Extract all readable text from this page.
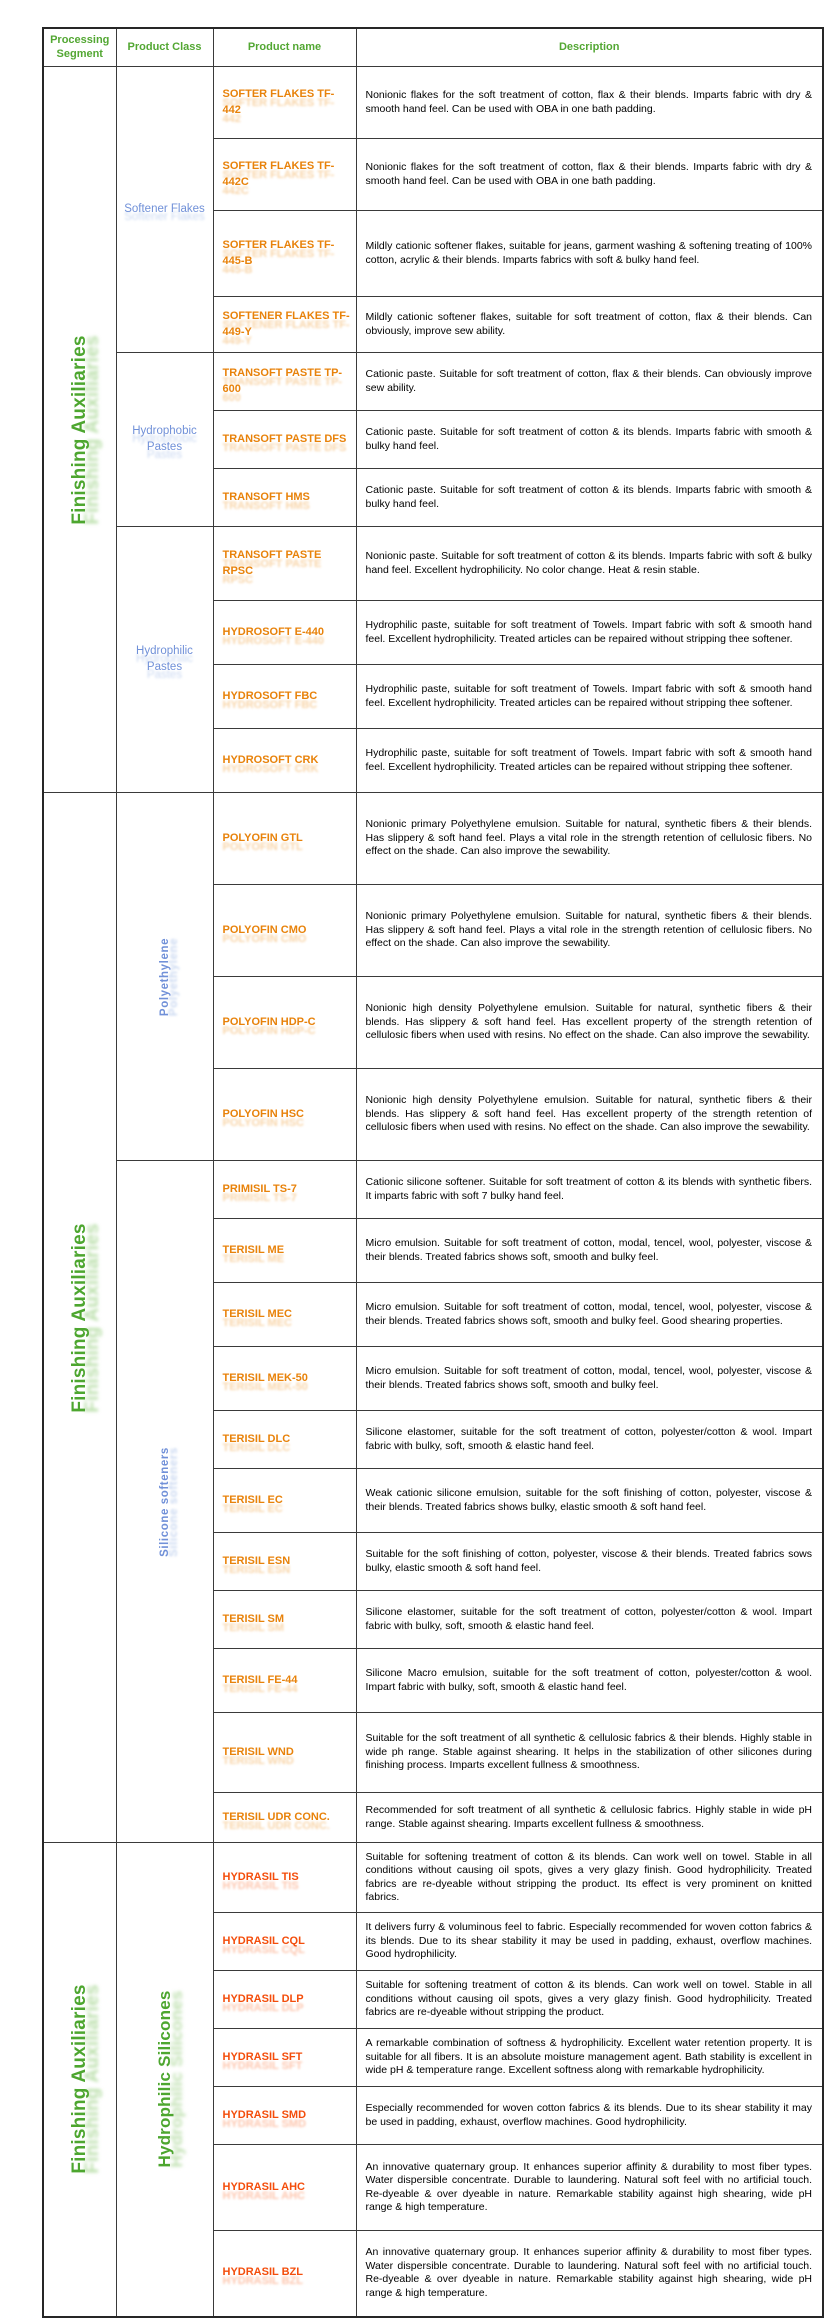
Processing Segment	Product Class	Product name	Description

Finishing Auxiliaries	Softener Flakes	SOFTER FLAKES TF-442	Nonionic flakes for the soft treatment of cotton, flax & their blends. Imparts fabric with dry & smooth hand feel. Can be used with OBA in one bath padding.

		SOFTER FLAKES TF-442C	Nonionic flakes for the soft treatment of cotton, flax & their blends. Imparts fabric with dry & smooth hand feel. Can be used with OBA in one bath padding.

		SOFTER FLAKES TF-445-B	Mildly cationic softener flakes, suitable for jeans, garment washing & softening treating of 100% cotton, acrylic & their blends. Imparts fabrics with soft & bulky hand feel.

		SOFTENER FLAKES TF-449-Y	Mildly cationic softener flakes, suitable for soft treatment of cotton, flax & their blends. Can obviously, improve sew ability.

	Hydrophobic Pastes	TRANSOFT PASTE TP-600	Cationic paste. Suitable for soft treatment of cotton, flax & their blends. Can obviously improve sew ability.

		TRANSOFT PASTE DFS	Cationic paste. Suitable for soft treatment of cotton & its blends. Imparts fabric with smooth & bulky hand feel.

		TRANSOFT HMS	Cationic paste. Suitable for soft treatment of cotton & its blends. Imparts fabric with smooth & bulky hand feel.

	Hydrophilic Pastes	TRANSOFT PASTE RPSC	Nonionic paste. Suitable for soft treatment of cotton & its blends. Imparts fabric with soft & bulky hand feel. Excellent hydrophilicity. No color change. Heat & resin stable.

		HYDROSOFT E-440	Hydrophilic paste, suitable for soft treatment of Towels. Impart fabric with soft & smooth hand feel. Excellent hydrophilicity. Treated articles can be repaired without stripping thee softener.

		HYDROSOFT FBC	Hydrophilic paste, suitable for soft treatment of Towels. Impart fabric with soft & smooth hand feel. Excellent hydrophilicity. Treated articles can be repaired without stripping thee softener.

		HYDROSOFT CRK	Hydrophilic paste, suitable for soft treatment of Towels. Impart fabric with soft & smooth hand feel. Excellent hydrophilicity. Treated articles can be repaired without stripping thee softener.

Finishing Auxiliaries	Polyethylene	POLYOFIN GTL	Nonionic primary Polyethylene emulsion. Suitable for natural, synthetic fibers & their blends. Has slippery & soft hand feel. Plays a vital role in the strength retention of cellulosic fibers. No effect on the shade. Can also improve the sewability.

		POLYOFIN CMO	Nonionic primary Polyethylene emulsion. Suitable for natural, synthetic fibers & their blends. Has slippery & soft hand feel. Plays a vital role in the strength retention of cellulosic fibers. No effect on the shade. Can also improve the sewability.

		POLYOFIN HDP-C	Nonionic high density Polyethylene emulsion. Suitable for natural, synthetic fibers & their blends. Has slippery & soft hand feel. Has excellent property of the strength retention of cellulosic fibers when used with resins. No effect on the shade. Can also improve the sewability.

		POLYOFIN HSC	Nonionic high density Polyethylene emulsion. Suitable for natural, synthetic fibers & their blends. Has slippery & soft hand feel. Has excellent property of the strength retention of cellulosic fibers when used with resins. No effect on the shade. Can also improve the sewability.

	Silicone softeners	PRIMISIL TS-7	Cationic silicone softener. Suitable for soft treatment of cotton & its blends with synthetic fibers. It imparts fabric with soft 7 bulky hand feel.

		TERISIL ME	Micro emulsion. Suitable for soft treatment of cotton, modal, tencel, wool, polyester, viscose & their blends. Treated fabrics shows soft, smooth and bulky feel.

		TERISIL MEC	Micro emulsion. Suitable for soft treatment of cotton, modal, tencel, wool, polyester, viscose & their blends. Treated fabrics shows soft, smooth and bulky feel. Good shearing properties.

		TERISIL MEK-50	Micro emulsion. Suitable for soft treatment of cotton, modal, tencel, wool, polyester, viscose & their blends. Treated fabrics shows soft, smooth and bulky feel.

		TERISIL DLC	Silicone elastomer, suitable for the soft treatment of cotton, polyester/cotton & wool. Impart fabric with bulky, soft, smooth & elastic hand feel.

		TERISIL EC	Weak cationic silicone emulsion, suitable for the soft finishing of cotton, polyester, viscose & their blends. Treated fabrics shows bulky, elastic smooth & soft hand feel.

		TERISIL ESN	Suitable for the soft finishing of cotton, polyester, viscose & their blends. Treated fabrics sows bulky, elastic smooth & soft hand feel.

		TERISIL SM	Silicone elastomer, suitable for the soft treatment of cotton, polyester/cotton & wool. Impart fabric with bulky, soft, smooth & elastic hand feel.

		TERISIL FE-44	Silicone Macro emulsion, suitable for the soft treatment of cotton, polyester/cotton & wool. Impart fabric with bulky, soft, smooth & elastic hand feel.

		TERISIL WND	Suitable for the soft treatment of all synthetic & cellulosic fabrics & their blends. Highly stable in wide ph range. Stable against shearing. It helps in the stabilization of other silicones during finishing process. Imparts excellent fullness & smoothness.

		TERISIL UDR CONC.	Recommended for soft treatment of all synthetic & cellulosic fabrics. Highly stable in wide pH range. Stable against shearing. Imparts excellent fullness & smoothness.

Finishing Auxiliaries	Hydrophilic Silicones	HYDRASIL TIS	Suitable for softening treatment of cotton & its blends. Can work well on towel. Stable in all conditions without causing oil spots, gives a very glazy finish. Good hydrophilicity. Treated fabrics are re-dyeable without stripping the product. Its effect is very prominent on knitted fabrics.

		HYDRASIL CQL	It delivers furry & voluminous feel to fabric. Especially recommended for woven cotton fabrics & its blends. Due to its shear stability it may be used in padding, exhaust, overflow machines. Good hydrophilicity.

		HYDRASIL DLP	Suitable for softening treatment of cotton & its blends. Can work well on towel. Stable in all conditions without causing oil spots, gives a very glazy finish. Good hydrophilicity. Treated fabrics are re-dyeable without stripping the product.

		HYDRASIL SFT	A remarkable combination of softness & hydrophilicity. Excellent water retention property. It is suitable for all fibers. It is an absolute moisture management agent. Bath stability is excellent in wide pH & temperature range. Excellent softness along with remarkable hydrophilicity.

		HYDRASIL SMD	Especially recommended for woven cotton fabrics & its blends. Due to its shear stability it may be used in padding, exhaust, overflow machines. Good hydrophilicity.

		HYDRASIL AHC	An innovative quaternary group. It enhances superior affinity & durability to most fiber types. Water dispersible concentrate. Durable to laundering. Natural soft feel with no artificial touch. Re-dyeable & over dyeable in nature. Remarkable stability against high shearing, wide pH range & high temperature.

		HYDRASIL BZL	An innovative quaternary group. It enhances superior affinity & durability to most fiber types. Water dispersible concentrate. Durable to laundering. Natural soft feel with no artificial touch. Re-dyeable & over dyeable in nature. Remarkable stability against high shearing, wide pH range & high temperature.
